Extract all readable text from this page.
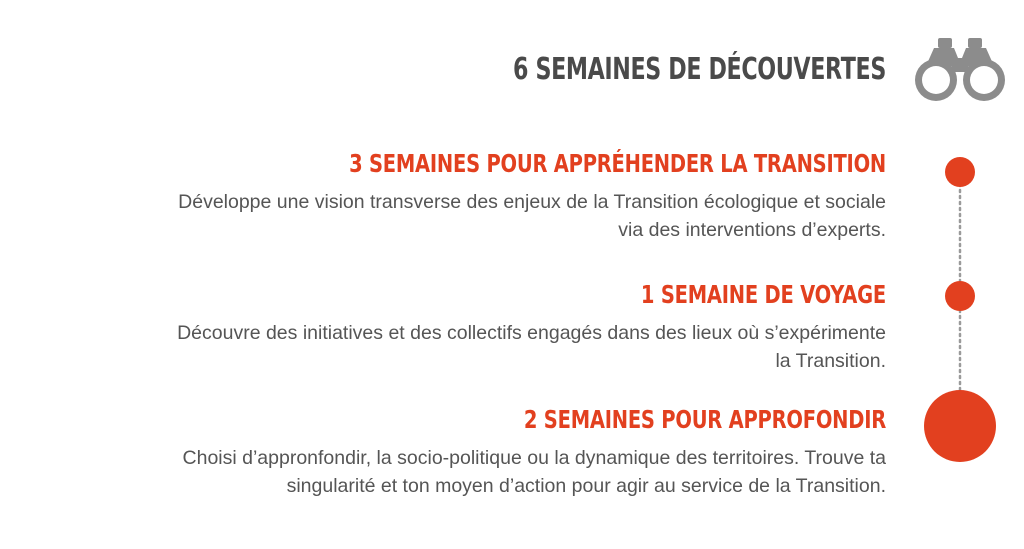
6 SEMAINES DE DÉCOUVERTES
3 SEMAINES POUR APPRÉHENDER LA TRANSITION

Développe une vision transverse des enjeux de la Transition écologique et sociale
via des interventions d’experts.

1 SEMAINE DE VOYAGE

Découvre des initiatives et des collectifs engagés dans des lieux où s’expérimente
la Transition.

2 SEMAINES POUR APPROFONDIR

Choisi d’appronfondir, la socio-politique ou la dynamique des territoires. Trouve ta
singularité et ton moyen d’action pour agir au service de la Transition.
